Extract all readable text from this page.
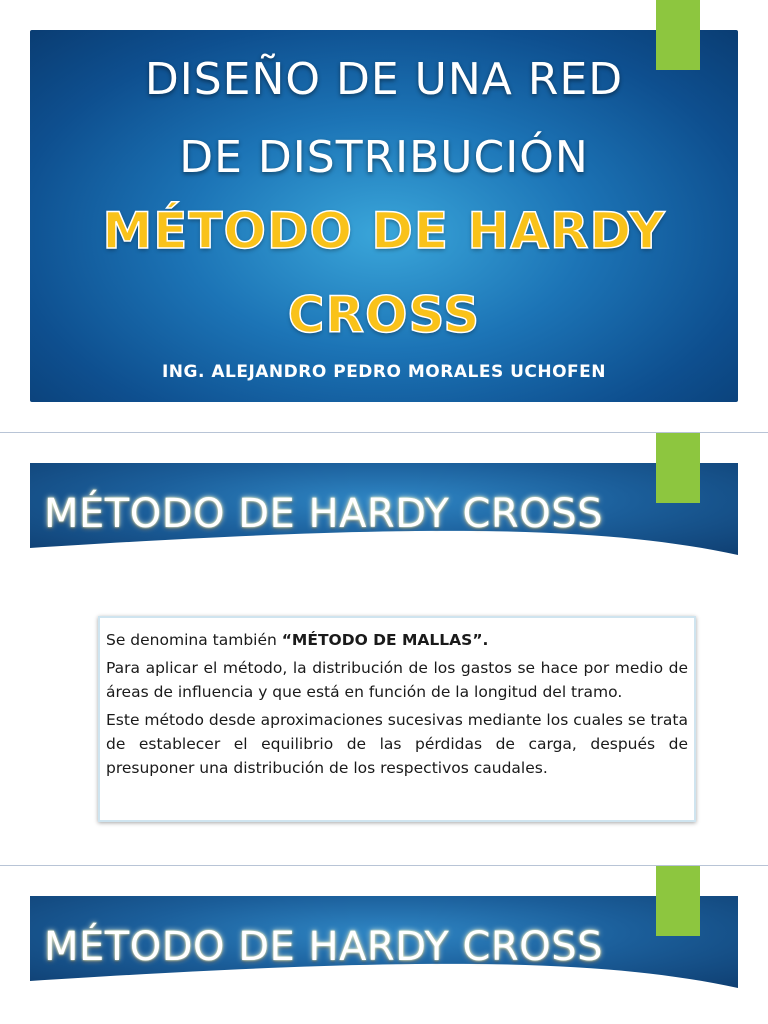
DISEÑO DE UNA RED
DE DISTRIBUCIÓN
MÉTODO DE HARDY
CROSS
ING. ALEJANDRO PEDRO MORALES UCHOFEN
MÉTODO DE HARDY CROSS

Se denomina también “MÉTODO DE MALLAS”.

Para aplicar el método, la distribución de los gastos se hace por medio de áreas de influencia y que está en función de la longitud del tramo.

Este método desde aproximaciones sucesivas mediante los cuales se trata de establecer el equilibrio de las pérdidas de carga, después de presuponer una distribución de los respectivos caudales.

MÉTODO DE HARDY CROSS
